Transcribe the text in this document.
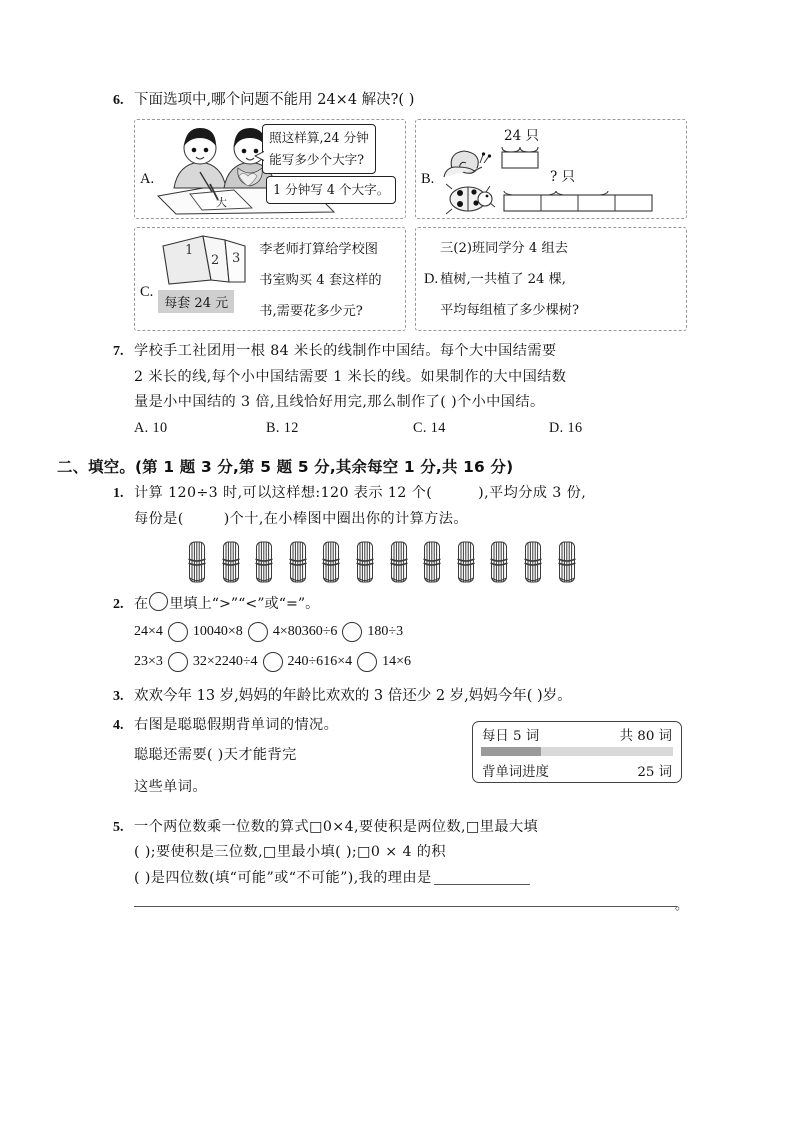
6. 下面选项中,哪个问题不能用 24×4 解决?( )
A.
大
照这样算,24 分钟
能写多少个大字?
1 分钟写 4 个大字。
B.
24 只
? 只
C.
1
2 3
每套 24 元
李老师打算给学校图
书室购买 4 套这样的
书,需要花多少元?
D.
三(2)班同学分 4 组去
植树,一共植了 24 棵,
平均每组植了多少棵树?
7. 学校手工社团用一根 84 米长的线制作中国结。每个大中国结需要
2 米长的线,每个小中国结需要 1 米长的线。如果制作的大中国结数
量是小中国结的 3 倍,且线恰好用完,那么制作了( )个小中国结。
A. 10	B. 12	C. 14	D. 16
二、填空。(第 1 题 3 分,第 5 题 5 分,其余每空 1 分,共 16 分)
1. 计算 120÷3 时,可以这样想:120 表示 12 个(	),平均分成 3 份,
每份是(	)个十,在小棒图中圈出你的计算方法。
2. 在 里填上“>”“<”或“=”。
24×4 100 40×8 4×80 360÷6 180÷3
23×3 32×2 240÷4 240÷6 16×4 14×6
3. 欢欢今年 13 岁,妈妈的年龄比欢欢的 3 倍还少 2 岁,妈妈今年( )岁。
4. 右图是聪聪假期背单词的情况。
聪聪还需要( )天才能背完
这些单词。
每日 5 词	共 80 词
背单词进度	25 词
5. 一个两位数乘一位数的算式□0×4,要使积是两位数,□里最大填
( );要使积是三位数,□里最小填( );□0 × 4 的积
( )是四位数(填“可能”或“不可能”),我的理由是
。
